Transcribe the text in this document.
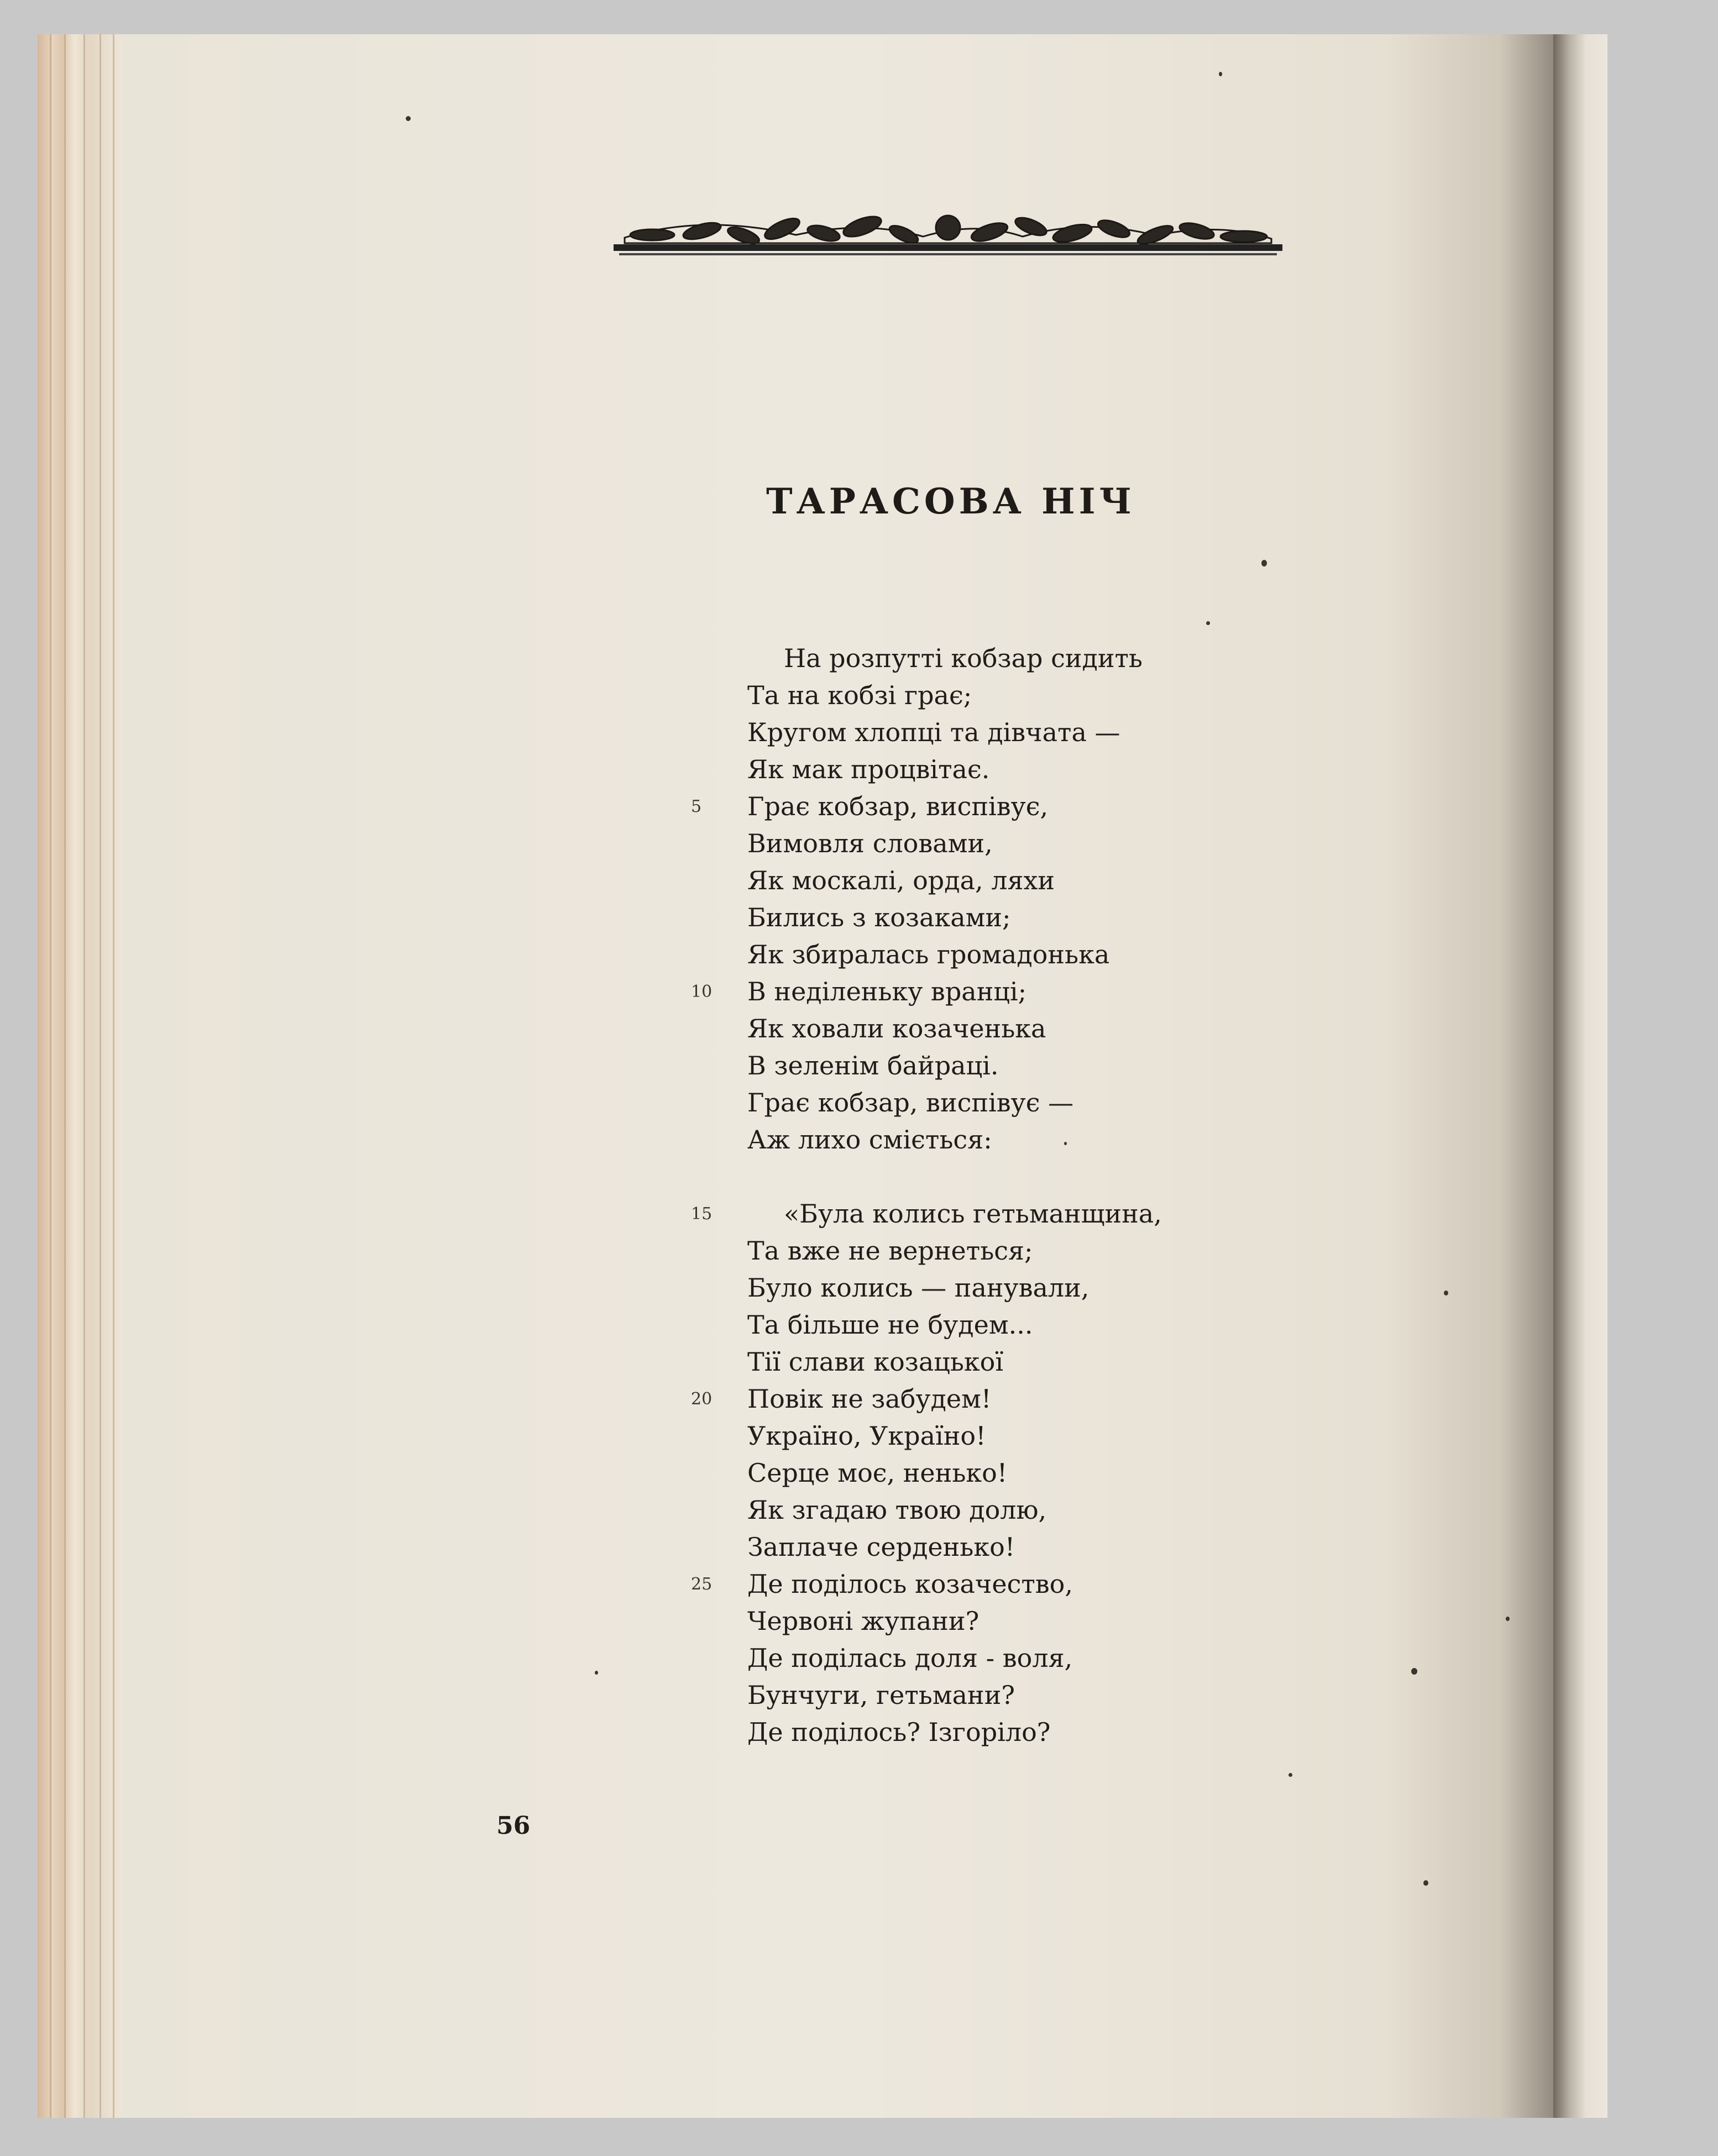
ТАРАСОВА НІЧ
На розпутті кобзар сидить
Та на кобзі грає;
Кругом хлопці та дівчата —
Як мак процвітає.
5	Грає кобзар, виспівує,
Вимовля словами,
Як москалі, орда, ляхи
Бились з козаками;
Як збиралась громадонька
10	В неділеньку вранці;
Як ховали козаченька
В зеленім байраці.
Грає кобзар, виспівує —
Аж лихо сміється:
15	«Була колись гетьманщина,
Та вже не вернеться;
Було колись — панували,
Та більше не будем...
Тії слави козацької
20	Повік не забудем!
Україно, Україно!
Серце моє, ненько!
Як згадаю твою долю,
Заплаче серденько!
25	Де поділось козачество,
Червоні жупани?
Де поділась доля - воля,
Бунчуги, гетьмани?
Де поділось? Ізгоріло?
56
